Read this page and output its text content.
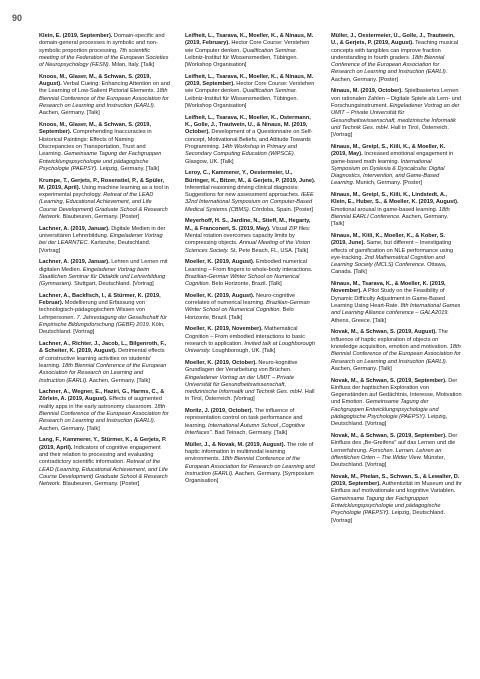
90

Klein, E. (2019, September). Domain-specific and domain-general processes in symbolic and non-symbolic proportion processing. 7th scientific meeting of the Federation of the European Societies of Neuropsychology (FESN). Milan, Italy. [Talk]

Knoos, M., Glaser, M., & Schwan, S. (2019, August). Verbal Cueing: Enhancing Attention on and the Learning of Low-Salient Pictorial Elements. 18th Biennial Conference of the European Association for Research on Learning and Instruction (EARLI). Aachen, Germany. [Talk]

Knoos, M., Glaser, M., & Schwan, S. (2019, September). Comprehending Inaccuracies in Historical Paintings: Effects of Naming Discrepancies on Transportation, Trust and Learning. Gemeinsame Tagung der Fachgruppen Entwicklungspsychologie und pädagogische Psychologie (PAEPSY). Leipzig, Germany. [Talk]

Krumpe, T., Gerjets, P., Rosenstiel, P., & Spüler, M. (2019, April). Using machine learning as a tool in experimental psychology. Retreat of the LEAD (Learning, Educational Achievement, and Life Course Development) Graduate School & Research Network. Blaubeuren, Germany. [Poster]

Lachner, A. (2019, Januar). Digitale Medien in der universitären Lehrerbildung. Eingeladener Vortrag bei der LEARNTEC. Karlsruhe, Deutschland. [Vortrag]

Lachner, A. (2019, Januar). Lehren und Lernen mit digitalen Medien. Eingeladener Vortrag beim Staatlichen Seminar für Didaktik und Lehrerbildung (Gymnasien). Stuttgart, Deutschland. [Vortrag]

Lachner, A., Backfisch, I., & Stürmer, K. (2019, Februar). Modellierung und Erfassung von technologisch-pädagogischem Wissen von Lehrpersonen. 7. Jahrestagung der Gesellschaft für Empirische Bildungsforschung (GEBF) 2019. Köln, Deutschland. [Vortrag]

Lachner, A., Richter, J., Jacob, L., Bilgenroth, F., & Scheiter, K. (2019, August). Detrimental effects of constructive learning activities on students' learning. 18th Biennial Conference of the European Association for Research on Learning and Instruction (EARLI). Aachen, Germany. [Talk]

Lachner, A., Wegner, E., Haziri, G., Harms, C., & Zörlein, A. (2019, August). Effects of augmented reality apps in the early astronomy classroom. 18th Biennial Conference of the European Association for Research on Learning and Instruction (EARLI). Aachen, Germany. [Talk]

Lang, F., Kammerer, Y., Stürmer, K., & Gerjets, P. (2019, April). Indicators of cognitive engagement and their relation to processing and evaluating contradictory scientific information. Retreat of the LEAD (Learning, Educational Achievement, and Life Course Development) Graduate School & Research Network. Blaubeuren, Germany. [Poster]

Leifheit, L., Tsarava, K., Moeller, K., & Ninaus, M. (2019, February). Hector Core Course: Verstehen wie Computer denken. Qualification Seminar. Leibniz-Institut für Wissensmedien, Tübingen. [Workshop Organisation]

Leifheit, L., Tsarava, K., Moeller, K., & Ninaus, M. (2019, September). Hector Core Course: Verstehen wie Computer denken. Qualification Seminar. Leibniz-Institut für Wissensmedien, Tübingen. [Workshop Organisation]

Leifheit, L., Tsarava, K., Moeller, K., Ostermann, K., Golle, J., Trautwein, U., & Ninaus, M. (2019, October). Development of a Questionnaire on Self-concept, Motivational Beliefs, and Attitude Towards Programming. 14th Workshop in Primary and Secondary Computing Education (WiPSCE). Glasgow, UK. [Talk]

Leroy, C., Kammerer, Y., Oestermeier, U., Büringer, K., Bitzer, M., & Gerjets, P. (2019, June). Inferential reasoning driving clinical diagnosis: Suggestions for new assessment approaches. IEEE 32nd International Symposium on Computer-Based Medical Systems (CBMS). Córdoba, Spain. [Poster]

Meyerhoff, H. S., Jardine, N., Stieff, M., Hegarty, M., & Franconeri, S. (2019, May). Visual ZIP files: Mental rotation overcomes capacity limits by compressing objects. Annual Meeting of the Vision Sciences Society. St. Pete Beach, FL, USA. [Talk]

Moeller, K. (2019, August). Embodied numerical Learning – From fingers to whole-body interactions. Brazilian-German Winter School on Numerical Cognition. Belo Horizonte, Brazil. [Talk]

Moeller, K. (2019, August). Neuro-cognitive correlates of numerical learning. Brazilian-German Winter School on Numerical Cognition. Belo Horizonte, Brazil. [Talk]

Moeller, K. (2019, November). Mathematical Cognition – From embodied interactions to basic research to application. Invited talk at Loughborough University. Loughborough, UK. [Talk]

Moeller, K. (2019, October). Neuro-kognitive Grundlagen der Verarbeitung von Brüchen. Eingeladener Vortrag an der UMIT – Private Universität für Gesundheitswissenschaft, medizinische Informatik und Technik Ges. mbH. Hall in Tirol, Österreich. [Vortrag]

Moritz, J. (2019, October). The influence of representation control on task performance and learning. International Autumn School „Cognitive Interfaces". Bad Teinach, Germany. [Talk]

Müller, J., & Novak, M. (2019, August). The role of haptic information in multimodal learning environments. 18th Biennial Conference of the European Association for Research on Learning and Instruction (EARLI). Aachen, Germany. [Symposium Organisation]

Müller, J., Oestermeier, U., Golle, J., Trautwein, U., & Gerjets, P. (2019, August). Teaching musical concepts with tangibles can improve fraction understanding in fourth graders. 18th Biennial Conference of the European Association for Research on Learning and Instruction (EARLI). Aachen, Germany. [Poster]

Ninaus, M. (2019, October). Spielbasiertes Lernen von rationalen Zahlen – Digitale Spiele als Lern- und Forschungsinstrument. Eingeladener Vortrag an der UMIT – Private Universität für Gesundheitswissenschaft, medizinische Informatik und Technik Ges. mbH. Hall in Tirol, Österreich. [Vortrag]

Ninaus, M., Greipl, S., Kiili, K., & Moeller, K. (2019, May). Increased emotional engagement in game-based math learning. International Symposium on Dyslexia & Dyscalculia: Digital Diagnostics, Intervention, and Game-Based Learning. Munich, Germany. [Poster]

Ninaus, M., Greipl, S., Kiili, K., Lindstedt, A., Klein, E., Huber, S., & Moeller, K. (2019, August). Emotional arousal in game-based learning. 18th Biennial EARLI Conference. Aachen, Germany. [Talk]

Ninaus, M., Kiili, K., Moeller, K., & Kober, S. (2019, June). Same, but different – Investigating effects of gamification on NLE performance using eye-tracking. 2nd Mathematical Cognition and Learning Society (MCLS) Conference. Ottawa, Canada. [Talk]

Ninaus, M., Tsarava, K., & Moeller, K. (2019, November). A Pilot Study on the Feasibility of Dynamic Difficulty Adjustment in Game-Based Learning Using Heart-Rate. 8th International Games and Learning Alliance conference – GALA2019. Athens, Greece. [Talk]

Novak, M., & Schwan, S. (2019, August). The influence of haptic exploration of objects on knowledge acquisition, emotion and motivation. 18th Biennial Conference of the European Association for Research on Learning and Instruction (EARLI). Aachen, Germany. [Talk]

Novak, M., & Schwan, S. (2019, September). Der Einfluss der haptischen Exploration von Gegenständen auf Gedächtnis, Interesse, Motivation und Emotion. Gemeinsame Tagung der Fachgruppen Entwicklungspsychologie und pädagogische Psychologie (PAEPSY). Leipzig, Deutschland. [Vortrag]

Novak, M., & Schwan, S. (2019, September). Der Einfluss des „Be-Greifens" auf das Lernen und die Lernerfahrung. Forschen. Lernen. Lehren an öffentlichen Orten – The Wider View. Münster, Deutschland. [Vortrag]

Novak, M., Phelan, S., Schwan, S., & Lewalter, D. (2019, September). Authentizität im Museum und ihr Einfluss auf motivationale und kognitive Variablen. Gemeinsame Tagung der Fachgruppen Entwicklungspsychologie und pädagogische Psychologie (PAEPSY). Leipzig, Deutschland. [Vortrag]
